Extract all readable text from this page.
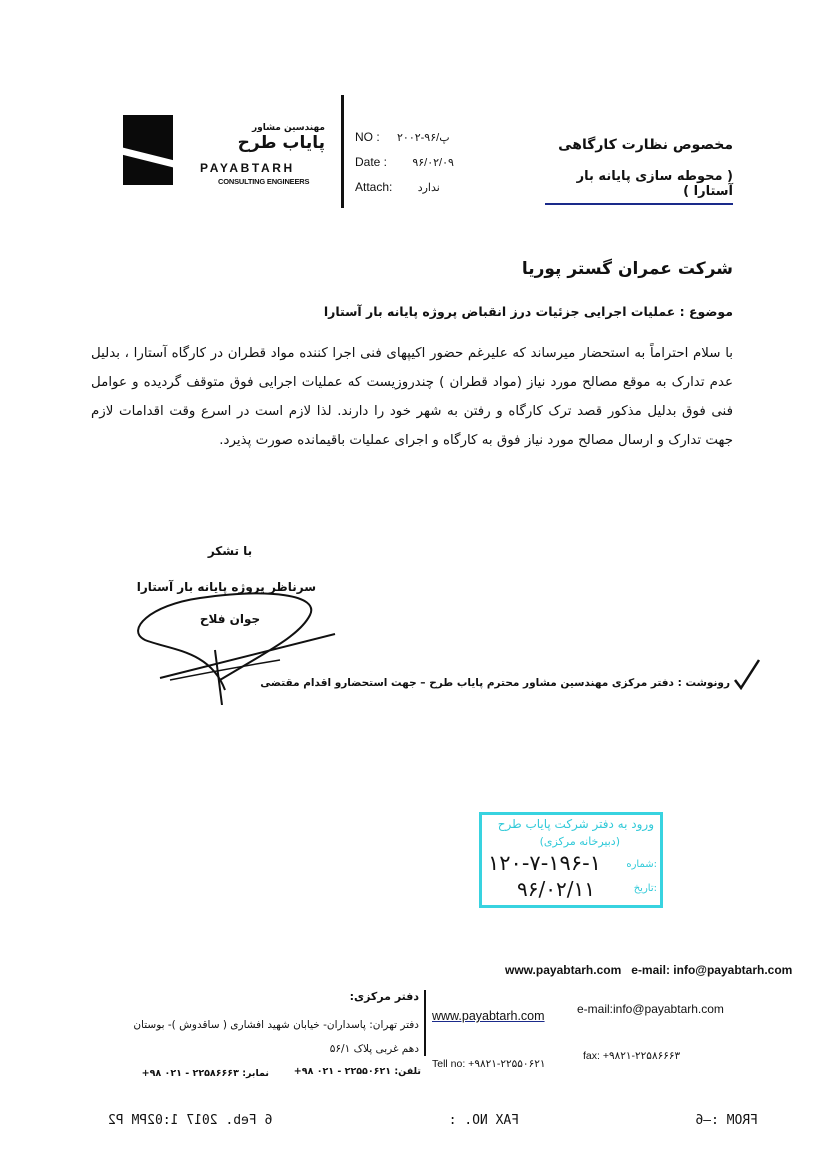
مهندسین مشاور
پایاب طرح
PAYABTARH
CONSULTING ENGINEERS
NO : ۲۰۰۲-۹۶/پ
Date : ۹۶/۰۲/۰۹
Attach: ندارد
مخصوص نظارت کارگاهی
( محوطه سازی پایانه بار آستارا )
شرکت عمران گستر پوریا
موضوع : عملیات اجرایی جزئیات درز انقباض پروژه پایانه بار آستارا
با سلام احتراماً به استحضار میرساند که علیرغم حضور اکیپهای فنی اجرا کننده مواد قطران در کارگاه آستارا ، بدلیل عدم تدارک به موقع مصالح مورد نیاز (مواد قطران ) چندروزیست که عملیات اجرایی فوق متوقف گردیده و عوامل فنی فوق بدلیل مذکور قصد ترک کارگاه و رفتن به شهر خود را دارند. لذا لازم است در اسرع وقت اقدامات لازم جهت تدارک و ارسال مصالح مورد نیاز فوق به کارگاه و اجرای عملیات باقیمانده صورت پذیرد.
با تشکر
سرناظر پروژه پایانه بار آستارا
جوان فلاح
رونوشت : دفتر مرکزی مهندسین مشاور محترم پایاب طرح – جهت استحضارو اقدام مقتضی
ورود به دفتر شرکت پایاب طرح
(دبیرخانه مرکزی)
شماره:
۱۲۰-۷-۱۹۶-۱
تاریخ:
۹۶/۰۲/۱۱
www.payabtarh.com e-mail: info@payabtarh.com
دفتر مرکزی:
دفتر تهران: پاسداران- خیابان شهید افشاری ( ساقدوش )- بوستان
دهم غربی پلاک ۵۶/۱
www.payabtarh.com	e-mail:info@payabtarh.com
Tell no: +۹۸۲۱-۲۲۵۵۰۶۲۱
fax: +۹۸۲۱-۲۲۵۸۶۶۶۳
تلفن: ۲۲۵۵۰۶۲۱ - ۰۲۱ ۹۸+
نمابر: ۲۲۵۸۶۶۶۳ - ۰۲۱ ۹۸+
FROM :—6
FAX NO. :
6 Feb. 2017 1:02PM P2
